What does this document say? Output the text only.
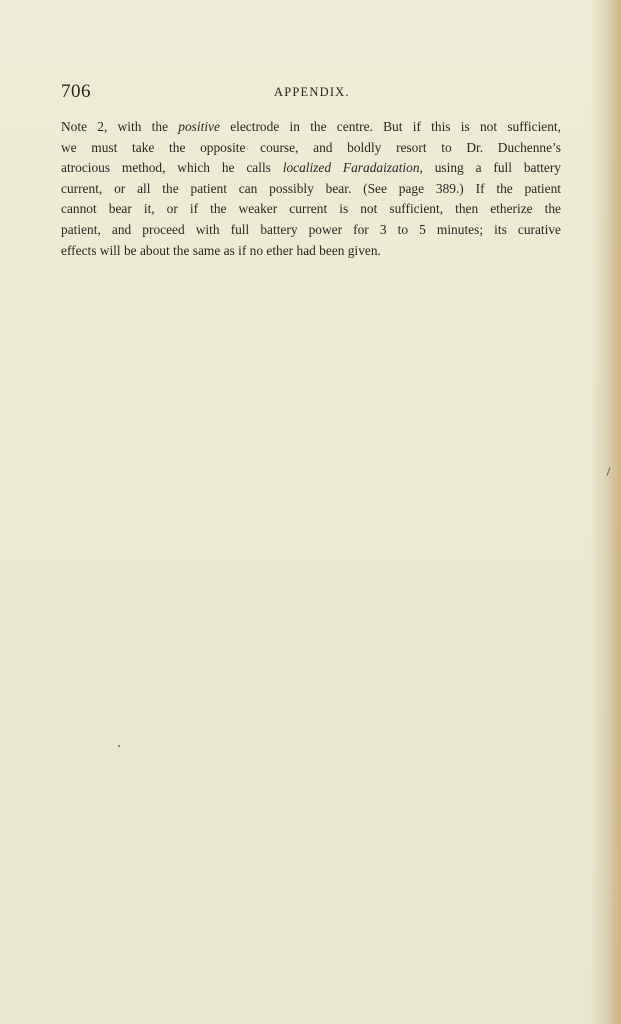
706	APPENDIX.
Note 2, with the positive electrode in the centre. But if this is not sufficient,
we must take the opposite course, and boldly resort to Dr. Duchenne’s
atrocious method, which he calls localized Faradaization, using a full battery
current, or all the patient can possibly bear. (See page 389.) If the patient
cannot bear it, or if the weaker current is not sufficient, then etherize the
patient, and proceed with full battery power for 3 to 5 minutes; its curative
effects will be about the same as if no ether had been given.
